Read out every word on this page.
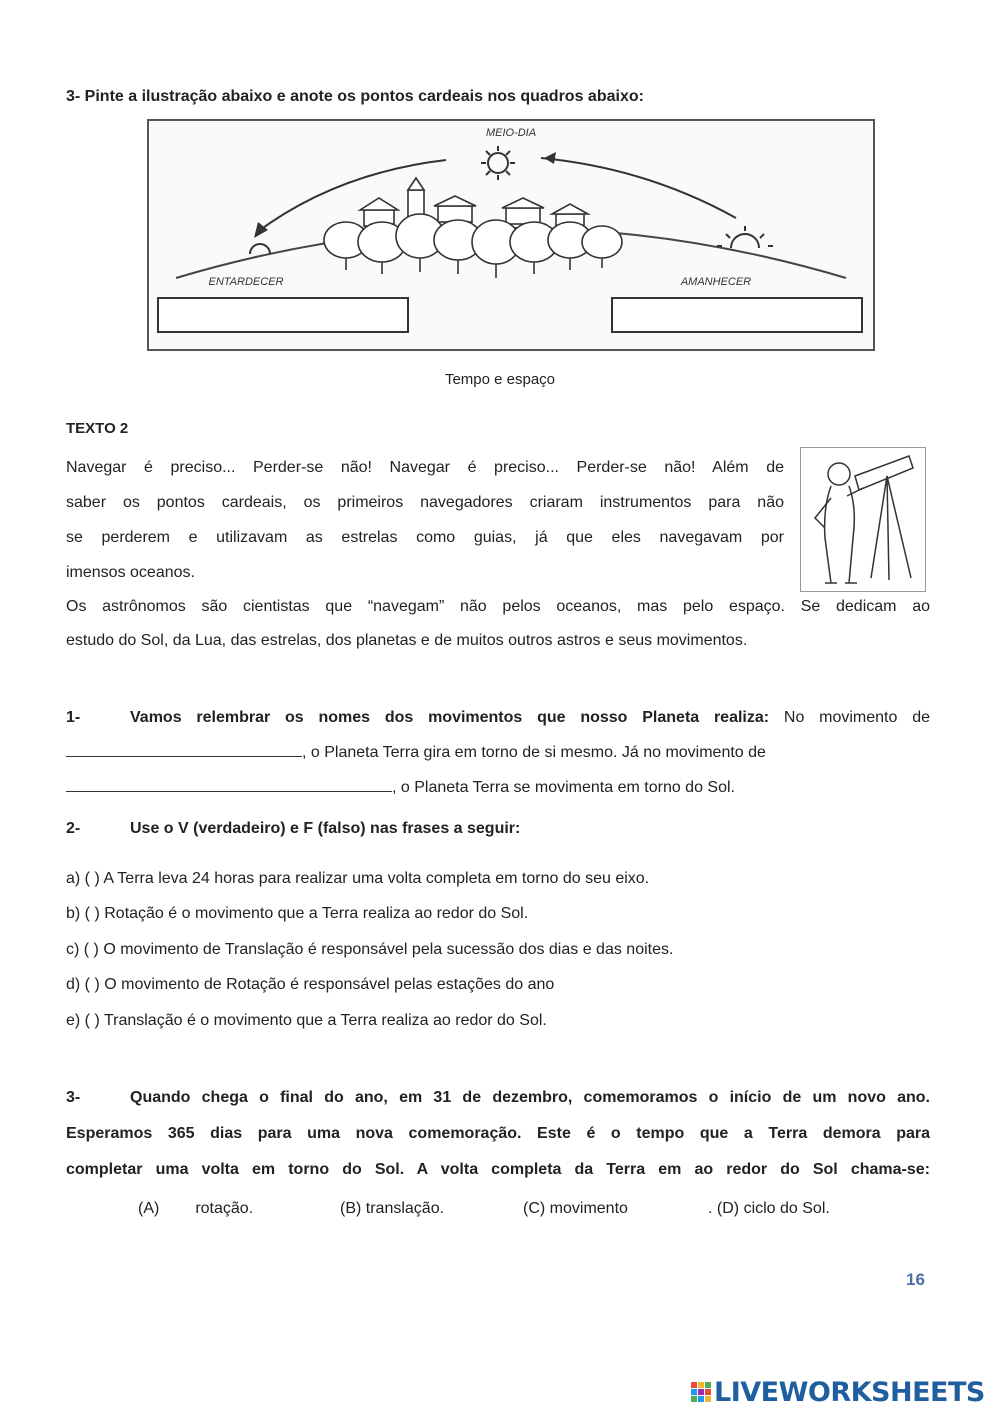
3- Pinte a ilustração abaixo e anote os pontos cardeais nos quadros abaixo:
MEIO-DIA
ENTARDECER	AMANHECER
Tempo e espaço
TEXTO 2
Navegar é preciso... Perder-se não! Navegar é preciso... Perder-se não! Além de
saber os pontos cardeais, os primeiros navegadores criaram instrumentos para não
se perderem e utilizavam as estrelas como guias, já que eles navegavam por
imensos oceanos.
Os astrônomos são cientistas que “navegam” não pelos oceanos, mas pelo espaço. Se dedicam ao
estudo do Sol, da Lua, das estrelas, dos planetas e de muitos outros astros e seus movimentos.
1-	Vamos relembrar os nomes dos movimentos que nosso Planeta realiza: No movimento de
, o Planeta Terra gira em torno de si mesmo. Já no movimento de
, o Planeta Terra se movimenta em torno do Sol.
2-	Use o V (verdadeiro) e F (falso) nas frases a seguir:
a) ( ) A Terra leva 24 horas para realizar uma volta completa em torno do seu eixo.
b) ( ) Rotação é o movimento que a Terra realiza ao redor do Sol.
c) ( ) O movimento de Translação é responsável pela sucessão dos dias e das noites.
d) ( ) O movimento de Rotação é responsável pelas estações do ano
e) ( ) Translação é o movimento que a Terra realiza ao redor do Sol.
3-	Quando chega o final do ano, em 31 de dezembro, comemoramos o início de um novo ano.
Esperamos 365 dias para uma nova comemoração. Este é o tempo que a Terra demora para
completar uma volta em torno do Sol. A volta completa da Terra em ao redor do Sol chama-se:
(A) rotação.	(B) translação.	(C) movimento	. (D) ciclo do Sol.
16
LIVEWORKSHEETS
